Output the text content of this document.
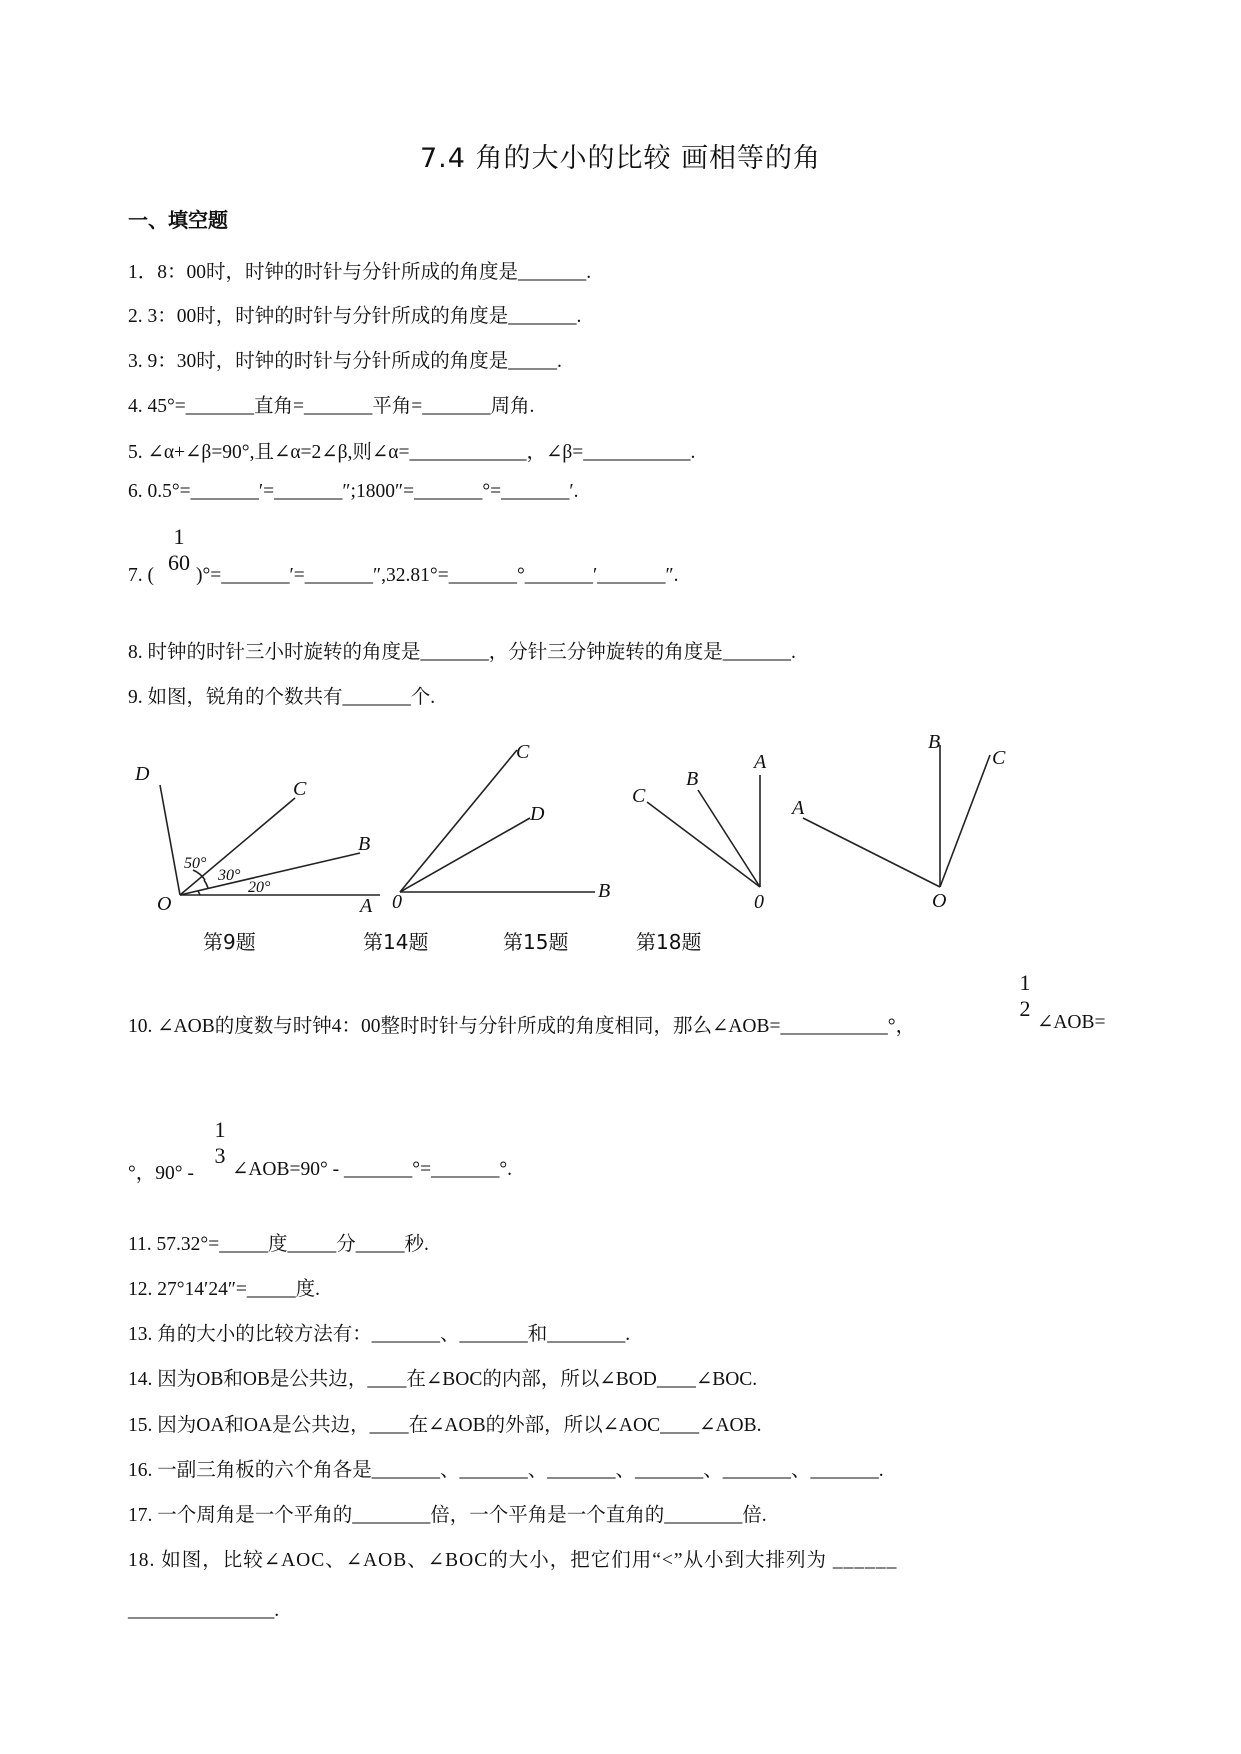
7.4 角的大小的比较 画相等的角
一、填空题
1．8：00时，时钟的时针与分针所成的角度是_______.
2. 3：00时，时钟的时针与分针所成的角度是_______.
3. 9：30时，时钟的时针与分针所成的角度是_____.
4. 45°=_______直角=_______平角=_______周角.
5. ∠α+∠β=90°,且∠α=2∠β,则∠α=____________，∠β=___________.
6. 0.5°=_______′=_______″;1800″=_______°=_______′.
7. (
1
60
)°=_______′=_______″,32.81°=_______°_______′_______″.
8. 时钟的时针三小时旋转的角度是_______，分针三分钟旋转的角度是_______.
9. 如图，锐角的个数共有_______个.
D
C
B
O	A
50°
30°
20°
C
D
0	B
C
B
A
0
B
C
A
O
第9题	第14题	第15题	第18题
10. ∠AOB的度数与时钟4：00整时时针与分针所成的角度相同，那么∠AOB=___________°，
1
2
∠AOB=
°，90° -
1
3
∠AOB=90° - _______°=_______°.
11. 57.32°=_____度_____分_____秒.
12. 27°14′24″=_____度.
13. 角的大小的比较方法有：_______、_______和________.
14. 因为OB和OB是公共边，____在∠BOC的内部，所以∠BOD____∠BOC.
15. 因为OA和OA是公共边，____在∠AOB的外部，所以∠AOC____∠AOB.
16. 一副三角板的六个角各是_______、_______、_______、_______、_______、_______.
17. 一个周角是一个平角的________倍，一个平角是一个直角的________倍.
18. 如图，比较∠AOC、∠AOB、∠BOC的大小，把它们用“<”从小到大排列为 ______
_______________.
